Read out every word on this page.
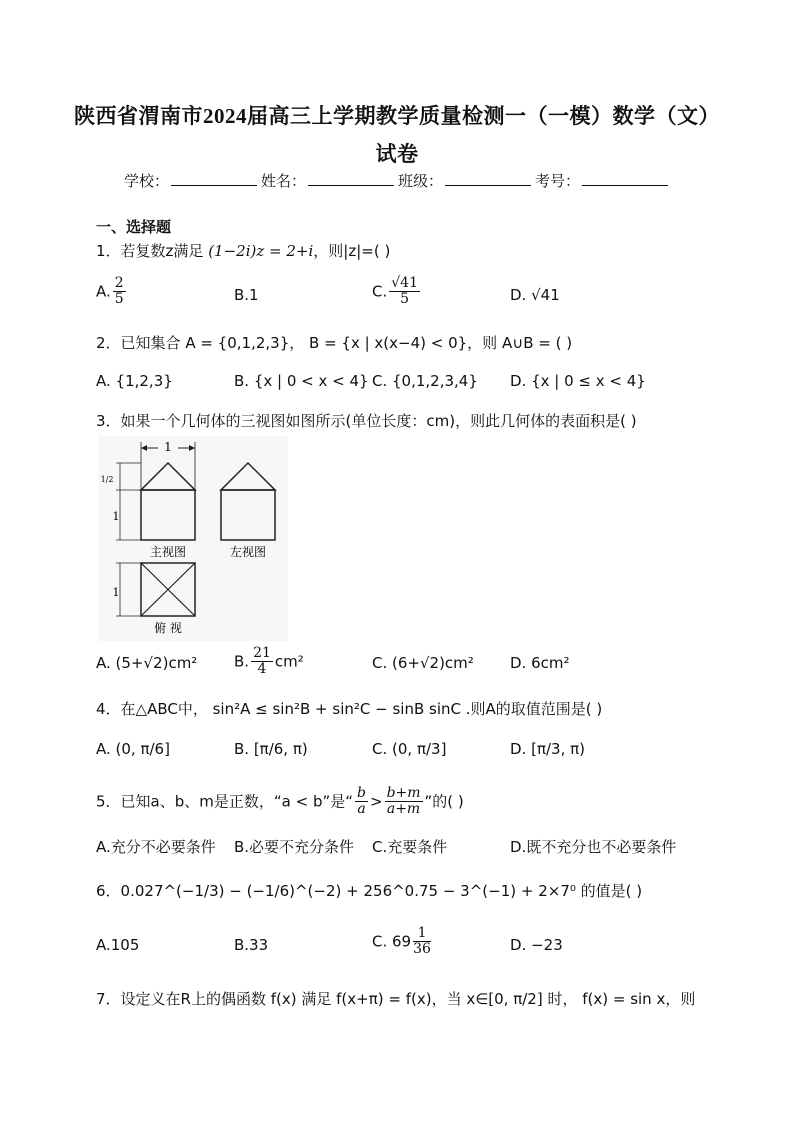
陕西省渭南市2024届高三上学期教学质量检测一（一模）数学（文）
试卷
学校：	姓名：	班级：	考号：
一、选择题
1．若复数z满足 (1−2i)z = 2+i，则|z|=( )
A. $\frac{2}{5}$	B.1	C. $\frac{√41}{5}$	D. √41
2．已知集合 A = {0,1,2,3}， B = {x | x(x−4) < 0}，则 A∪B = ( )
A. {1,2,3}	B. {x | 0 < x < 4} C. {0,1,2,3,4} D. {x | 0 ≤ x < 4}
3．如果一个几何体的三视图如图所示(单位长度：cm)，则此几何体的表面积是( )
1
1/2
1
主视图	左视图
1
俯 视
A. (5+√2)cm² B. $\frac{21}{4} cm^2$	C. (6+√2)cm² D. 6cm²
4．在△ABC中， sin²A ≤ sin²B + sin²C − sinB sinC .则A的取值范围是( )
A. (0, π/6]	B. [π/6, π)	C. (0, π/3]	D. [π/3, π)
5．已知a、b、m是正数，“a < b”是“ $\frac{b}{a} > \frac{b+m}{a+m}$ ”的( )
A.充分不必要条件 B.必要不充分条件 C.充要条件	D.既不充分也不必要条件
6．0.027^(−1/3) − (−1/6)^(−2) + 256^0.75 − 3^(−1) + 2×7⁰ 的值是( )
A.105	B.33	C. $69 \frac{1}{36}$	D. −23
7．设定义在R上的偶函数 f(x) 满足 f(x+π) = f(x)，当 x∈[0, π/2] 时， f(x) = sin x，则
